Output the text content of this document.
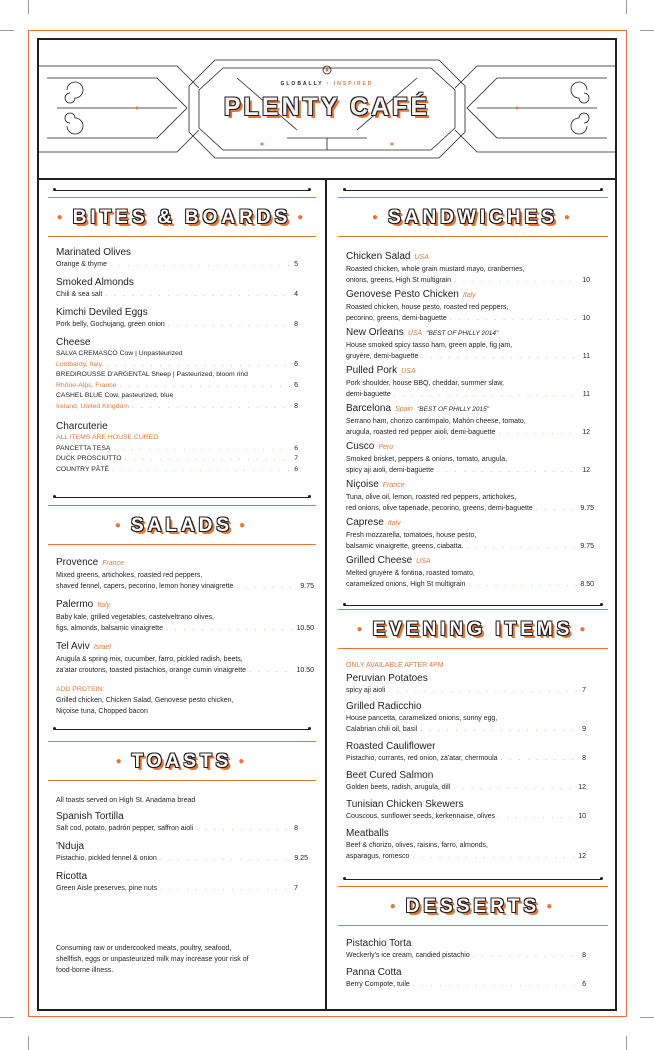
GLOBALLY · INSPIRED
PLENTY CAFÉ
● BITES & BOARDS ●
Marinated Olives
Orange & thyme . . .	5
Smoked Almonds
Chili & sea salt . . .	4
Kimchi Deviled Eggs
Pork belly, Gochujang, green onion . . .	8
Cheese
SALVA CREMASCO Cow | Unpasteurized
Lombardy, Italy. . . .	6
BREDIROUSSE D'ARGENTAL Sheep | Pasteurized, bloom rind
Rhône-Alps, France . . .	6
CASHEL BLUE Cow, pasteurized, blue
Ireland, United Kingdom . . .	8
Charcuterie
ALL ITEMS ARE HOUSE CURED
PANCETTA TESA . . .	6
DUCK PROSCIUTTO . . .	7
COUNTRY PÂTÉ . . .	6
● SALADS ●
Provence France
Mixed greens, artichokes, roasted red peppers,
shaved fennel, capers, pecorino, lemon honey vinaigrette . . .	9.75
Palermo Italy
Baby kale, grilled vegetables, castelveltrano olives,
figs, almonds, balsamic vinaigrette . . .	10.50
Tel Aviv Israel
Arugula & spring mix, cucumber, farro, pickled radish, beets,
za'atar croutons, toasted pistachios, orange cumin vinaigrette . . .	10.50
ADD PROTEIN:
Grilled chicken, Chicken Salad, Genovese pesto chicken,
Niçoise tuna, Chopped bacon
● TOASTS ●
All toasts served on High St. Anadama bread
Spanish Tortilla
Salt cod, potato, padrón pepper, saffron aioli . . .	8
'Nduja
Pistachio, pickled fennel & onion . . .	9.25
Ricotta
Green Aisle preserves, pine nuts . . .	7
Consuming raw or undercooked meats, poultry, seafood,
shellfish, eggs or unpasteurized milk may increase your risk of
food-borne illness.
● SANDWICHES ●
Chicken Salad USA
Roasted chicken, whole grain mustard mayo, cranberries,
onions, greens, High St multigrain . . .	10
Genovese Pesto Chicken Italy
Roasted chicken, house pesto, roasted red peppers,
pecorino, greens, demi-baguette . . .	10
New Orleans USA "BEST OF PHILLY 2014"
House smoked spicy tasso ham, green apple, fig jam,
gruyère, demi-baguette . . .	11
Pulled Pork USA
Pork shoulder, house BBQ, cheddar, summer slaw,
demi-baguette . . .	11
Barcelona Spain "BEST OF PHILLY 2015"
Serrano ham, chorizo cantimpalo, Mahón cheese, tomato,
arugula, roasted red pepper aioli, demi-baguette . . .	12
Cusco Peru
Smoked brisket, peppers & onions, tomato, arugula,
spicy aji aioli, demi-baguette . . .	12
Niçoise France
Tuna, olive oil, lemon, roasted red peppers, artichokes,
red onions, olive tapenade, pecorino, greens, demi-baguette . . .	9.75
Caprese Italy
Fresh mozzarella, tomatoes, house pesto,
balsamic vinaigrette, greens, ciabatta. . . .	9.75
Grilled Cheese USA
Melted gruyère & fontina, roasted tomato,
caramelized onions, High St multigrain . . .	8.50
● EVENING ITEMS ●
ONLY AVAILABLE AFTER 4PM
Peruvian Potatoes
spicy aji aioli . . .	7
Grilled Radicchio
House pancetta, caramelized onions, sunny egg,
Calabrian chili oil, basil . . .	9
Roasted Cauliflower
Pistachio, currants, red onion, za'atar, chermoula . . .	8
Beet Cured Salmon
Golden beets, radish, arugula, dill . . .	12
Tunisian Chicken Skewers
Couscous, sunflower seeds, kerkennaise, olives . . .	10
Meatballs
Beef & chorizo, olives, raisins, farro, almonds,
asparagus, romesco . . .	12
● DESSERTS ●
Pistachio Torta
Weckerly's ice cream, candied pistachio . . .	8
Panna Cotta
Berry Compote, tuile . . .	6
